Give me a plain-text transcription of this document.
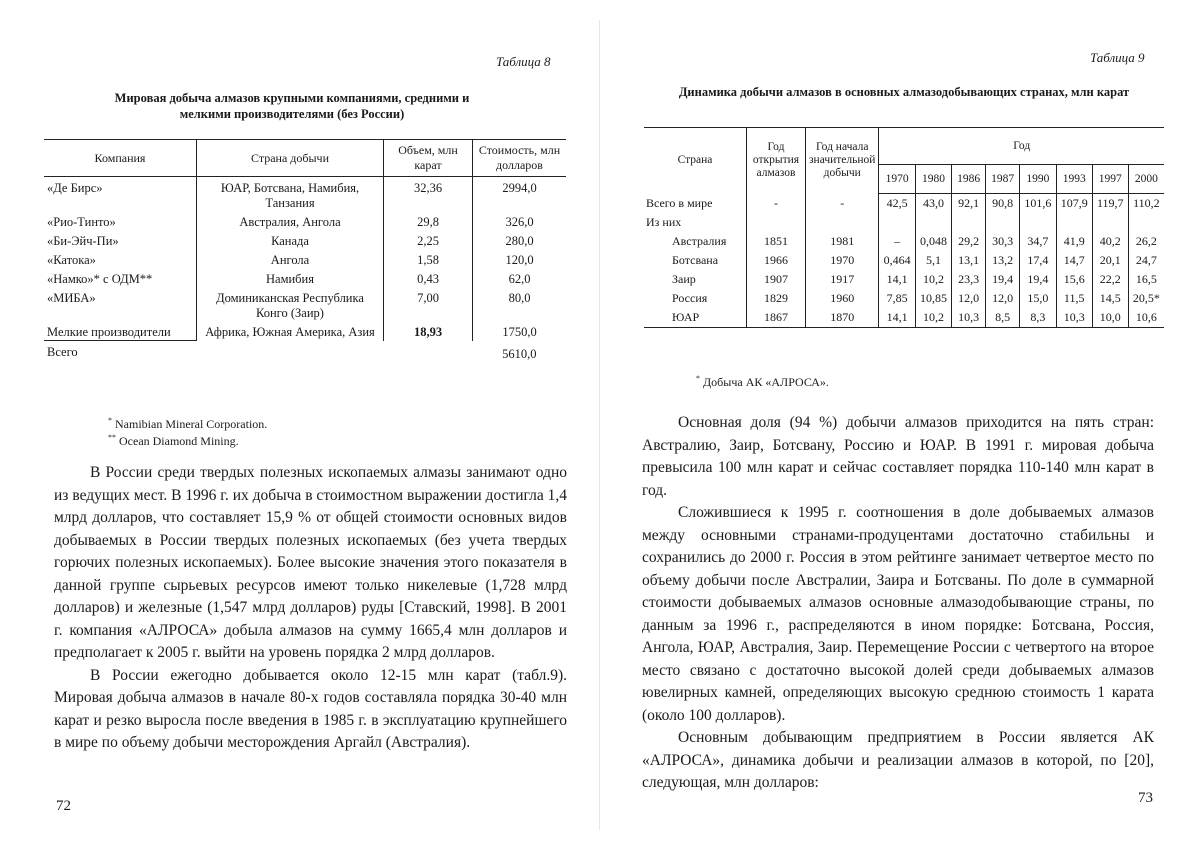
Таблица 8
Мировая добыча алмазов крупными компаниями, средними и мелкими производителями (без России)
Компания	Страна добычи	Объем, млн карат	Стоимость, млн долларов
«Де Бирс»	ЮАР, Ботсвана, Намибия, Танзания	32,36	2994,0
«Рио-Тинто»	Австралия, Ангола	29,8	326,0
«Би-Эйч-Пи»	Канада	2,25	280,0
«Катока»	Ангола	1,58	120,0
«Намко»* с ОДМ**	Намибия	0,43	62,0
«МИБА»	Доминиканская Республика Конго (Заир)	7,00	80,0
Мелкие производители	Африка, Южная Америка, Азия	18,93	1750,0
Всего			5610,0
* Namibian Mineral Corporation.
** Ocean Diamond Mining.

В России среди твердых полезных ископаемых алмазы занимают одно из ведущих мест. В 1996 г. их добыча в стоимостном выражении достигла 1,4 млрд долларов, что составляет 15,9 % от общей стоимости основных видов добываемых в России твердых полезных ископаемых (без учета твердых горючих полезных ископаемых). Более высокие значения этого показателя в данной группе сырьевых ресурсов имеют только никелевые (1,728 млрд долларов) и железные (1,547 млрд долларов) руды [Ставский, 1998]. В 2001 г. компания «АЛРОСА» добыла алмазов на сумму 1665,4 млн долларов и предполагает к 2005 г. выйти на уровень порядка 2 млрд долларов.

В России ежегодно добывается около 12-15 млн карат (табл.9). Мировая добыча алмазов в начале 80-х годов составляла порядка 30-40 млн карат и резко выросла после введения в 1985 г. в эксплуатацию крупнейшего в мире по объему добычи месторождения Аргайл (Австралия).

72
Таблица 9
Динамика добычи алмазов в основных алмазодобывающих странах, млн карат
Страна	Год открытия алмазов	Год начала значительной добычи	Год							
			1970	1980	1986	1987	1990	1993	1997	2000
Всего в мире	-	-	42,5	43,0	92,1	90,8	101,6	107,9	119,7	110,2
Из них										
Австралия	1851	1981	–	0,048	29,2	30,3	34,7	41,9	40,2	26,2
Ботсвана	1966	1970	0,464	5,1	13,1	13,2	17,4	14,7	20,1	24,7
Заир	1907	1917	14,1	10,2	23,3	19,4	19,4	15,6	22,2	16,5
Россия	1829	1960	7,85	10,85	12,0	12,0	15,0	11,5	14,5	20,5*
ЮАР	1867	1870	14,1	10,2	10,3	8,5	8,3	10,3	10,0	10,6
* Добыча АК «АЛРОСА».

Основная доля (94 %) добычи алмазов приходится на пять стран: Австралию, Заир, Ботсвану, Россию и ЮАР. В 1991 г. мировая добыча превысила 100 млн карат и сейчас составляет порядка 110-140 млн карат в год.

Сложившиеся к 1995 г. соотношения в доле добываемых алмазов между основными странами-продуцентами достаточно стабильны и сохранились до 2000 г. Россия в этом рейтинге занимает четвертое место по объему добычи после Австралии, Заира и Ботсваны. По доле в суммарной стоимости добываемых алмазов основные алмазодобывающие страны, по данным за 1996 г., распределяются в ином порядке: Ботсвана, Россия, Ангола, ЮАР, Австралия, Заир. Перемещение России с четвертого на второе место связано с достаточно высокой долей среди добываемых алмазов ювелирных камней, определяющих высокую среднюю стоимость 1 карата (около 100 долларов).

Основным добывающим предприятием в России является АК «АЛРОСА», динамика добычи и реализации алмазов в которой, по [20], следующая, млн долларов:

73
